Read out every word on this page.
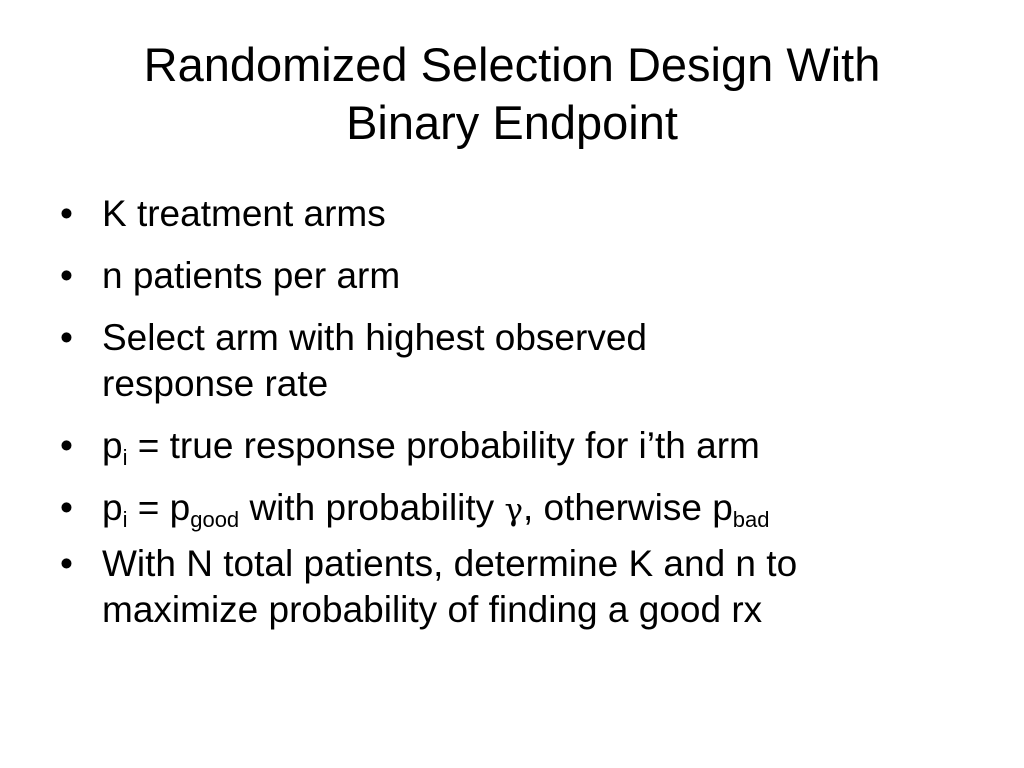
Randomized Selection Design With
Binary Endpoint
• K treatment arms
• n patients per arm
• Select arm with highest observed
response rate
• $p_i$ = true response probability for i’th arm
• $p_i = p_{good}$ with probability γ, otherwise $p_{bad}$
• With N total patients, determine K and n to
maximize probability of finding a good rx
